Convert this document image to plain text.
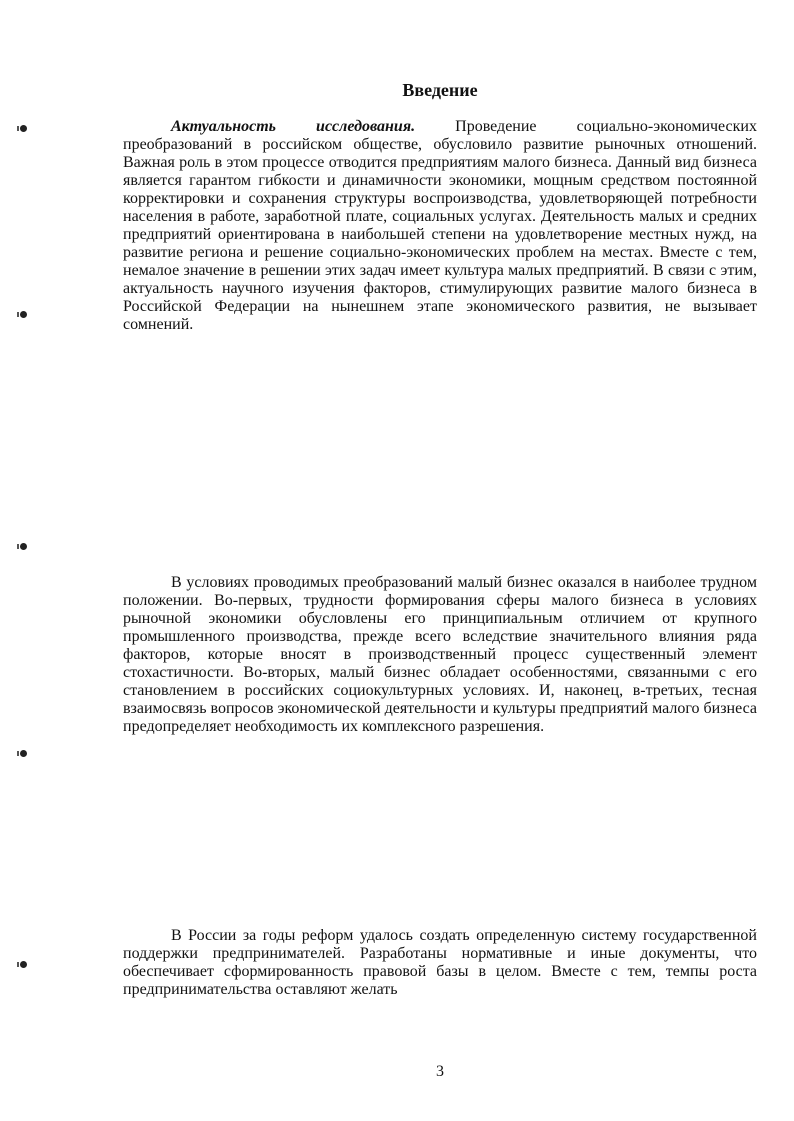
Введение

Актуальность исследования. Проведение социально-экономических преобразований в российском обществе, обусловило развитие рыночных отношений. Важная роль в этом процессе отводится предприятиям малого бизнеса. Данный вид бизнеса является гарантом гибкости и динамичности экономики, мощным средством постоянной корректировки и сохранения структуры воспроизводства, удовлетворяющей потребности населения в работе, заработной плате, социальных услугах. Деятельность малых и средних предприятий ориентирована в наибольшей степени на удовлетворение местных нужд, на развитие региона и решение социально-экономических проблем на местах. Вместе с тем, немалое значение в решении этих задач имеет культура малых предприятий. В связи с этим, актуальность научного изучения факторов, стимулирующих развитие малого бизнеса в Российской Федерации на нынешнем этапе экономического развития, не вызывает сомнений.

В условиях проводимых преобразований малый бизнес оказался в наиболее трудном положении. Во-первых, трудности формирования сферы малого бизнеса в условиях рыночной экономики обусловлены его принципиальным отличием от крупного промышленного производства, прежде всего вследствие значительного влияния ряда факторов, которые вносят в производственный процесс существенный элемент стохастичности. Во-вторых, малый бизнес обладает особенностями, связанными с его становлением в российских социокультурных условиях. И, наконец, в-третьих, тесная взаимосвязь вопросов экономической деятельности и культуры предприятий малого бизнеса предопределяет необходимость их комплексного разрешения.

В России за годы реформ удалось создать определенную систему государственной поддержки предпринимателей. Разработаны нормативные и иные документы, что обеспечивает сформированность правовой базы в целом. Вместе с тем, темпы роста предпринимательства оставляют желать

3
